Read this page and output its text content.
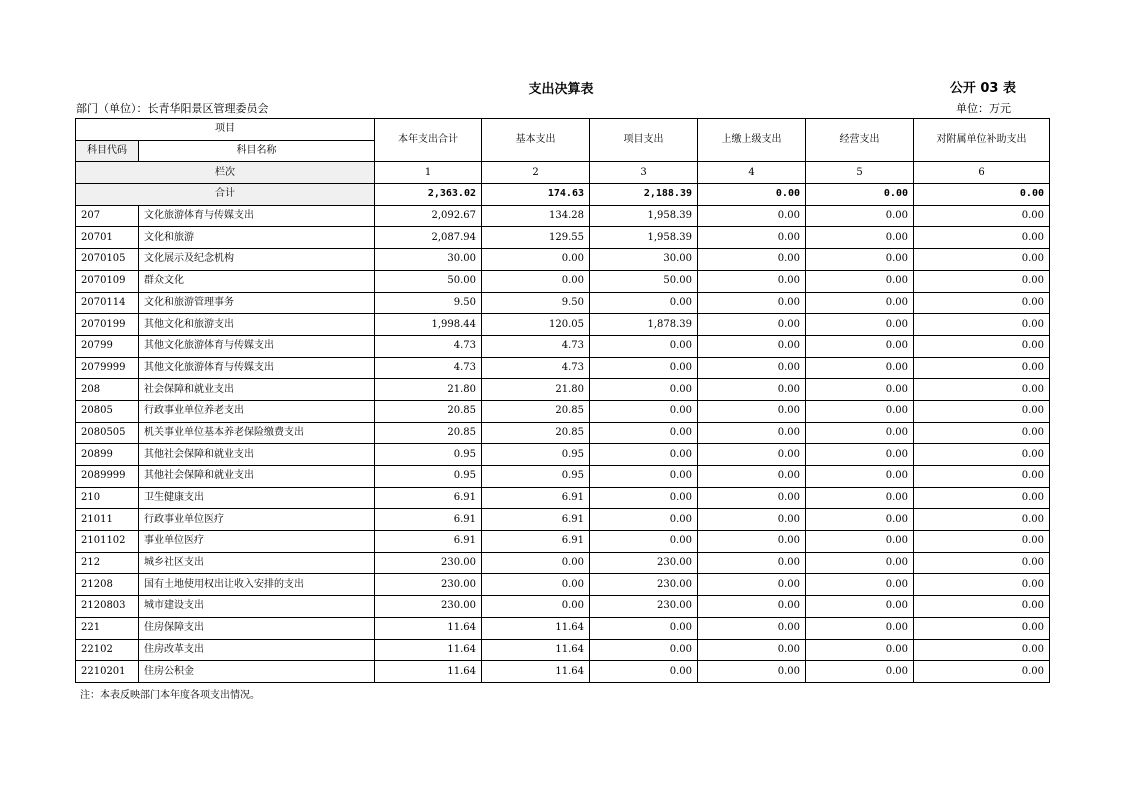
支出决算表	公开 03 表
部门（单位）：长青华阳景区管理委员会	单位：万元
项目		本年支出合计	基本支出	项目支出	上缴上级支出	经营支出	对附属单位补助支出
科目代码	科目名称						
栏次		1	2	3	4	5	6
合计		2,363.02	174.63	2,188.39	0.00	0.00	0.00
207	文化旅游体育与传媒支出	2,092.67	134.28	1,958.39	0.00	0.00	0.00
20701	文化和旅游	2,087.94	129.55	1,958.39	0.00	0.00	0.00
2070105	文化展示及纪念机构	30.00	0.00	30.00	0.00	0.00	0.00
2070109	群众文化	50.00	0.00	50.00	0.00	0.00	0.00
2070114	文化和旅游管理事务	9.50	9.50	0.00	0.00	0.00	0.00
2070199	其他文化和旅游支出	1,998.44	120.05	1,878.39	0.00	0.00	0.00
20799	其他文化旅游体育与传媒支出	4.73	4.73	0.00	0.00	0.00	0.00
2079999	其他文化旅游体育与传媒支出	4.73	4.73	0.00	0.00	0.00	0.00
208	社会保障和就业支出	21.80	21.80	0.00	0.00	0.00	0.00
20805	行政事业单位养老支出	20.85	20.85	0.00	0.00	0.00	0.00
2080505	机关事业单位基本养老保险缴费支出	20.85	20.85	0.00	0.00	0.00	0.00
20899	其他社会保障和就业支出	0.95	0.95	0.00	0.00	0.00	0.00
2089999	其他社会保障和就业支出	0.95	0.95	0.00	0.00	0.00	0.00
210	卫生健康支出	6.91	6.91	0.00	0.00	0.00	0.00
21011	行政事业单位医疗	6.91	6.91	0.00	0.00	0.00	0.00
2101102	事业单位医疗	6.91	6.91	0.00	0.00	0.00	0.00
212	城乡社区支出	230.00	0.00	230.00	0.00	0.00	0.00
21208	国有土地使用权出让收入安排的支出	230.00	0.00	230.00	0.00	0.00	0.00
2120803	城市建设支出	230.00	0.00	230.00	0.00	0.00	0.00
221	住房保障支出	11.64	11.64	0.00	0.00	0.00	0.00
22102	住房改革支出	11.64	11.64	0.00	0.00	0.00	0.00
2210201	住房公积金	11.64	11.64	0.00	0.00	0.00	0.00
注：本表反映部门本年度各项支出情况。
